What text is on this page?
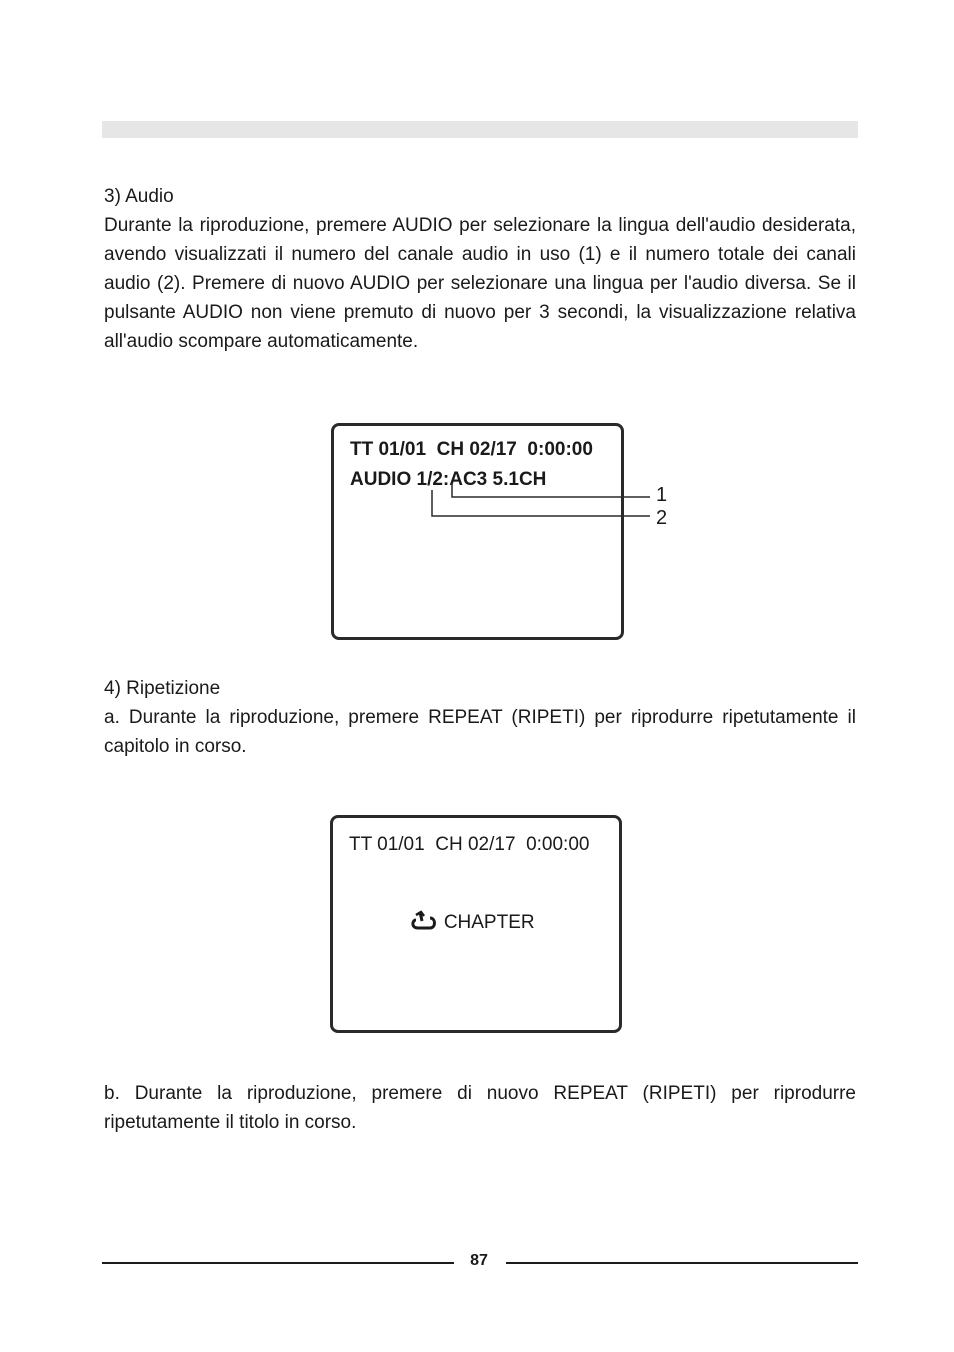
3) Audio

Durante la riproduzione, premere AUDIO per selezionare la lingua dell'audio desiderata, avendo visualizzati il numero del canale audio in uso (1) e il numero totale dei canali audio (2). Premere di nuovo AUDIO per selezionare una lingua per l'audio diversa. Se il pulsante AUDIO non viene premuto di nuovo per 3 secondi, la visualizzazione relativa all'audio scompare automaticamente.

TT 01/01  CH 02/17  0:00:00
AUDIO 1/2:AC3 5.1CH
1
2
4) Ripetizione

a. Durante la riproduzione, premere REPEAT (RIPETI) per riprodurre ripetutamente il capitolo in corso.

TT 01/01  CH 02/17  0:00:00

CHAPTER

b. Durante la riproduzione, premere di nuovo REPEAT (RIPETI) per riprodurre ripetutamente il titolo in corso.

87
